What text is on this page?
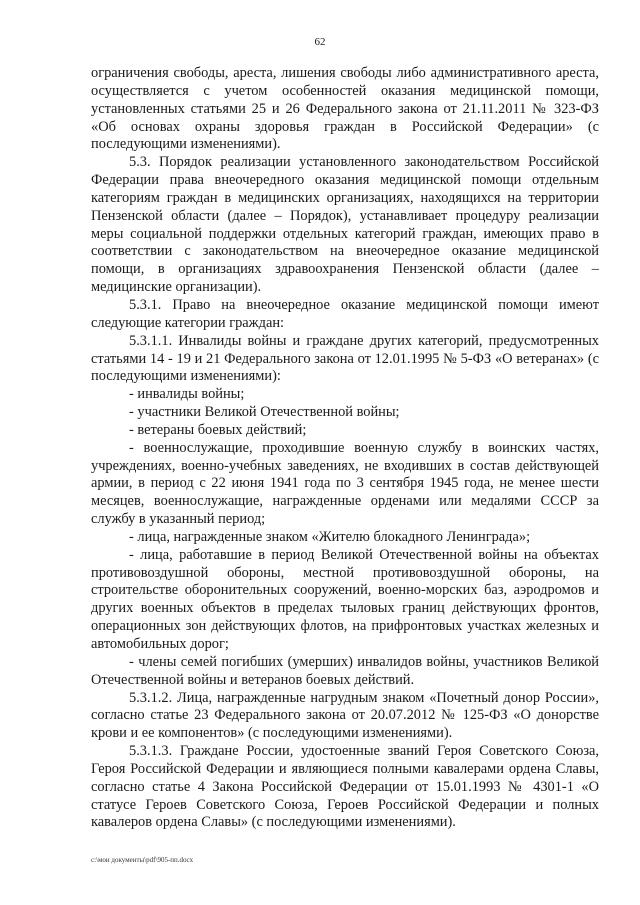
62

ограничения свободы, ареста, лишения свободы либо административного ареста, осуществляется с учетом особенностей оказания медицинской помощи, установленных статьями 25 и 26 Федерального закона от 21.11.2011 № 323-ФЗ «Об основах охраны здоровья граждан в Российской Федерации» (с последующими изменениями).

5.3. Порядок реализации установленного законодательством Российской Федерации права внеочередного оказания медицинской помощи отдельным категориям граждан в медицинских организациях, находящихся на территории Пензенской области (далее – Порядок), устанавливает процедуру реализации меры социальной поддержки отдельных категорий граждан, имеющих право в соответствии с законодательством на внеочередное оказание медицинской помощи, в организациях здравоохранения Пензенской области (далее – медицинские организации).

5.3.1. Право на внеочередное оказание медицинской помощи имеют следующие категории граждан:

5.3.1.1. Инвалиды войны и граждане других категорий, предусмотренных статьями 14 - 19 и 21 Федерального закона от 12.01.1995 № 5-ФЗ «О ветеранах» (с последующими изменениями):

- инвалиды войны;

- участники Великой Отечественной войны;

- ветераны боевых действий;

- военнослужащие, проходившие военную службу в воинских частях, учреждениях, военно-учебных заведениях, не входивших в состав действующей армии, в период с 22 июня 1941 года по 3 сентября 1945 года, не менее шести месяцев, военнослужащие, награжденные орденами или медалями СССР за службу в указанный период;

- лица, награжденные знаком «Жителю блокадного Ленинграда»;

- лица, работавшие в период Великой Отечественной войны на объектах противовоздушной обороны, местной противовоздушной обороны, на строительстве оборонительных сооружений, военно-морских баз, аэродромов и других военных объектов в пределах тыловых границ действующих фронтов, операционных зон действующих флотов, на прифронтовых участках железных и автомобильных дорог;

- члены семей погибших (умерших) инвалидов войны, участников Великой Отечественной войны и ветеранов боевых действий.

5.3.1.2. Лица, награжденные нагрудным знаком «Почетный донор России», согласно статье 23 Федерального закона от 20.07.2012 № 125-ФЗ «О донорстве крови и ее компонентов» (с последующими изменениями).

5.3.1.3. Граждане России, удостоенные званий Героя Советского Союза, Героя Российской Федерации и являющиеся полными кавалерами ордена Славы, согласно статье 4 Закона Российской Федерации от 15.01.1993 № 4301-1 «О статусе Героев Советского Союза, Героев Российской Федерации и полных кавалеров ордена Славы» (с последующими изменениями).

c:\мои документы\pdf\905-пп.docx
